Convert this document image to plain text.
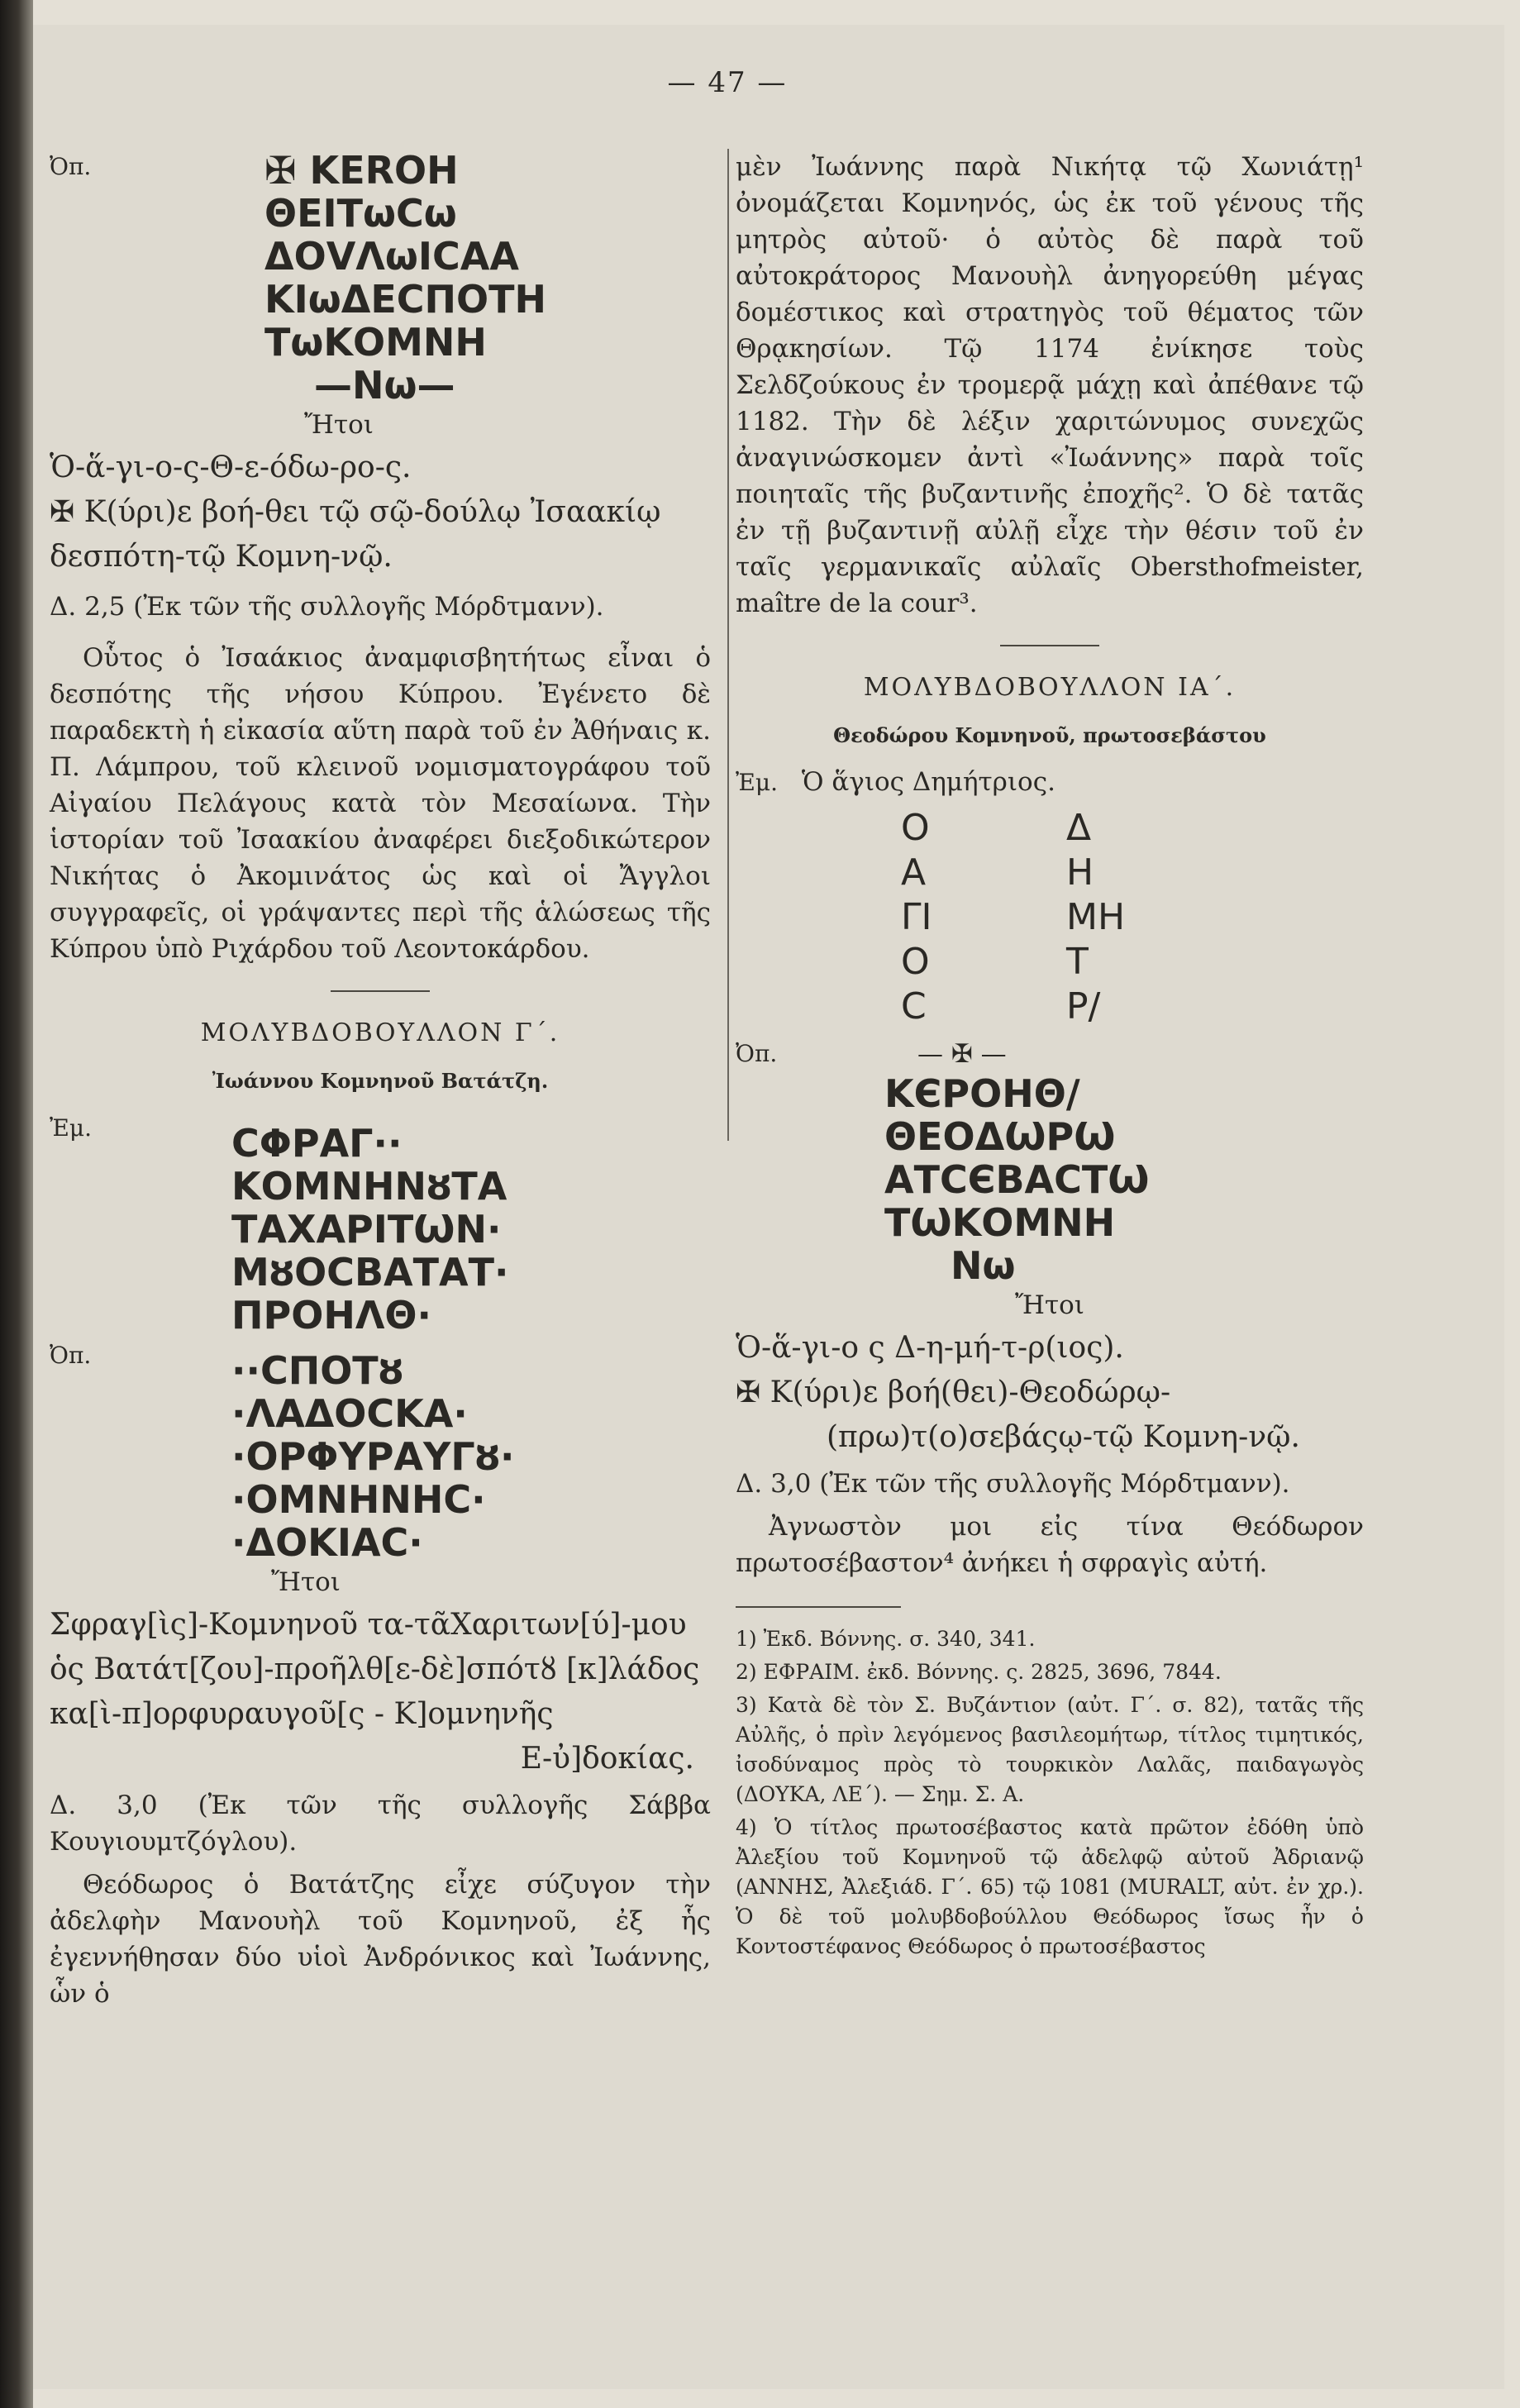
— 47 —
Ὀπ.	✠ KEROH
ΘΕΙΤωCω
ΔΟVΛωΙCΑΑ
ΚΙωΔΕCΠΟΤΗ
ΤωΚΟΜΝΗ
—Νω—
Ἤτοι
Ὁ-ἅ-γι-ο-ς-Θ-ε-όδω-ρο-ς.
✠ Κ(ύρι)ε βοή-θει τῷ σῷ-δούλῳ Ἰσαακίῳ
δεσπότη-τῷ Κομνη-νῷ.

Δ. 2,5 (Ἐκ τῶν τῆς συλλογῆς Μόρδτμανν).

Οὗτος ὁ Ἰσαάκιος ἀναμφισβητήτως εἶναι ὁ δεσπότης τῆς νήσου Κύπρου. Ἐγένετο δὲ παραδεκτὴ ἡ εἰκασία αὕτη παρὰ τοῦ ἐν Ἀθήναις κ. Π. Λάμπρου, τοῦ κλεινοῦ νομισματογράφου τοῦ Αἰγαίου Πελάγους κατὰ τὸν Μεσαίωνα. Τὴν ἱστορίαν τοῦ Ἰσαακίου ἀναφέρει διεξοδικώτερον Νικήτας ὁ Ἀκομινάτος ὡς καὶ οἱ Ἄγγλοι συγγραφεῖς, οἱ γράψαντες περὶ τῆς ἁλώσεως τῆς Κύπρου ὑπὸ Ριχάρδου τοῦ Λεοντοκάρδου.

ΜΟΛΥΒΔΟΒΟΥΛΛΟΝ Γ΄.
Ἰωάννου Κομνηνοῦ Βατάτζη.
Ἐμ.	ϹΦΡΑΓ··
ΚΟΜΝΗΝȣΤΑ
ΤΑΧΑΡΙΤѠΝ·
ΜȣΟCΒΑΤΑΤ·
ΠΡΟΗΛΘ·
Ὀπ.	··CΠΟΤȣ
·ΛΑΔΟCΚΑ·
·ΟΡΦΥΡΑΥΓȣ·
·ΟΜΝΗΝΗC·
·ΔΟΚΙΑC·
Ἤτοι
Σφραγ[ὶς]-Κομνηνοῦ τα-τᾶΧαριτων[ύ]-μου
ὁς Βατάτ[ζου]-προῆλθ[ε-δὲ]σπότȣ [κ]λάδος
κα[ὶ-π]ορφυραυγοῦ[ς - Κ]ομνηνῆς
Ε-ὐ]δοκίας.

Δ. 3,0 (Ἐκ τῶν τῆς συλλογῆς Σάββα Κουγιουμτζόγλου).

Θεόδωρος ὁ Βατάτζης εἶχε σύζυγον τὴν ἀδελφὴν Μανουὴλ τοῦ Κομνηνοῦ, ἐξ ἧς ἐγεννήθησαν δύο υἱοὶ Ἀνδρόνικος καὶ Ἰωάννης, ὧν ὁ

μὲν Ἰωάννης παρὰ Νικήτᾳ τῷ Χωνιάτῃ¹ ὀνομάζεται Κομνηνός, ὡς ἐκ τοῦ γένους τῆς μητρὸς αὐτοῦ· ὁ αὐτὸς δὲ παρὰ τοῦ αὐτοκράτορος Μανουὴλ ἀνηγορεύθη μέγας δομέστικος καὶ στρατηγὸς τοῦ θέματος τῶν Θρᾳκησίων. Τῷ 1174 ἐνίκησε τοὺς Σελδζούκους ἐν τρομερᾷ μάχῃ καὶ ἀπέθανε τῷ 1182. Τὴν δὲ λέξιν χαριτώνυμος συνεχῶς ἀναγινώσκομεν ἀντὶ «Ἰωάννης» παρὰ τοῖς ποιηταῖς τῆς βυζαντινῆς ἐποχῆς². Ὁ δὲ τατᾶς ἐν τῇ βυζαντινῇ αὐλῇ εἶχε τὴν θέσιν τοῦ ἐν ταῖς γερμανικαῖς αὐλαῖς Obersthofmeister, maître de la cour³.

ΜΟΛΥΒΔΟΒΟΥΛΛΟΝ ΙΑ΄.
Θεοδώρου Κομνηνοῦ, πρωτοσεβάστου
Ἐμ. Ὁ ἅγιος Δημήτριος.
Ο	Δ
Α	Η
ΓΙ	ΜΗ
Ο	Τ
C	Ρ/
Ὀπ.	— ✠ —
ΚЄΡΟΗΘ/
ΘΕΟΔѠΡѠ
ΑΤCЄΒΑCΤѠ
ΤѠΚΟΜΝΗ
Νѡ
Ἤτοι
Ὁ-ἅ-γι-ο ς Δ-η-μή-τ-ρ(ιος).
✠ Κ(ύρι)ε βοή(θει)-Θεοδώρῳ-
(πρω)τ(ο)σεβάςῳ-τῷ Κομνη-νῷ.

Δ. 3,0 (Ἐκ τῶν τῆς συλλογῆς Μόρδτμανν).

Ἀγνωστὸν μοι εἰς τίνα Θεόδωρον πρωτοσέβαστον⁴ ἀνήκει ἡ σφραγὶς αὐτή.

1) Ἐκδ. Βόννης. σ. 340, 341.

2) ΕΦΡΑΙΜ. ἐκδ. Βόννης. ς. 2825, 3696, 7844.

3) Κατὰ δὲ τὸν Σ. Βυζάντιον (αὐτ. Γ΄. σ. 82), τατᾶς τῆς Αὐλῆς, ὁ πρὶν λεγόμενος βασιλεομήτωρ, τίτλος τιμητικός, ἰσοδύναμος πρὸς τὸ τουρκικὸν Λαλᾶς, παιδαγωγὸς (ΔΟΥΚΑ, ΛΕ΄). — Σημ. Σ. Α.

4) Ὁ τίτλος πρωτοσέβαστος κατὰ πρῶτον ἐδόθη ὑπὸ Ἀλεξίου τοῦ Κομνηνοῦ τῷ ἀδελφῷ αὐτοῦ Ἀδριανῷ (ΑΝΝΗΣ, Ἀλεξιάδ. Γ΄. 65) τῷ 1081 (MURALT, αὐτ. ἐν χρ.). Ὁ δὲ τοῦ μολυβδοβούλλου Θεόδωρος ἴσως ἦν ὁ Κοντοστέφανος Θεόδωρος ὁ πρωτοσέβαστος
